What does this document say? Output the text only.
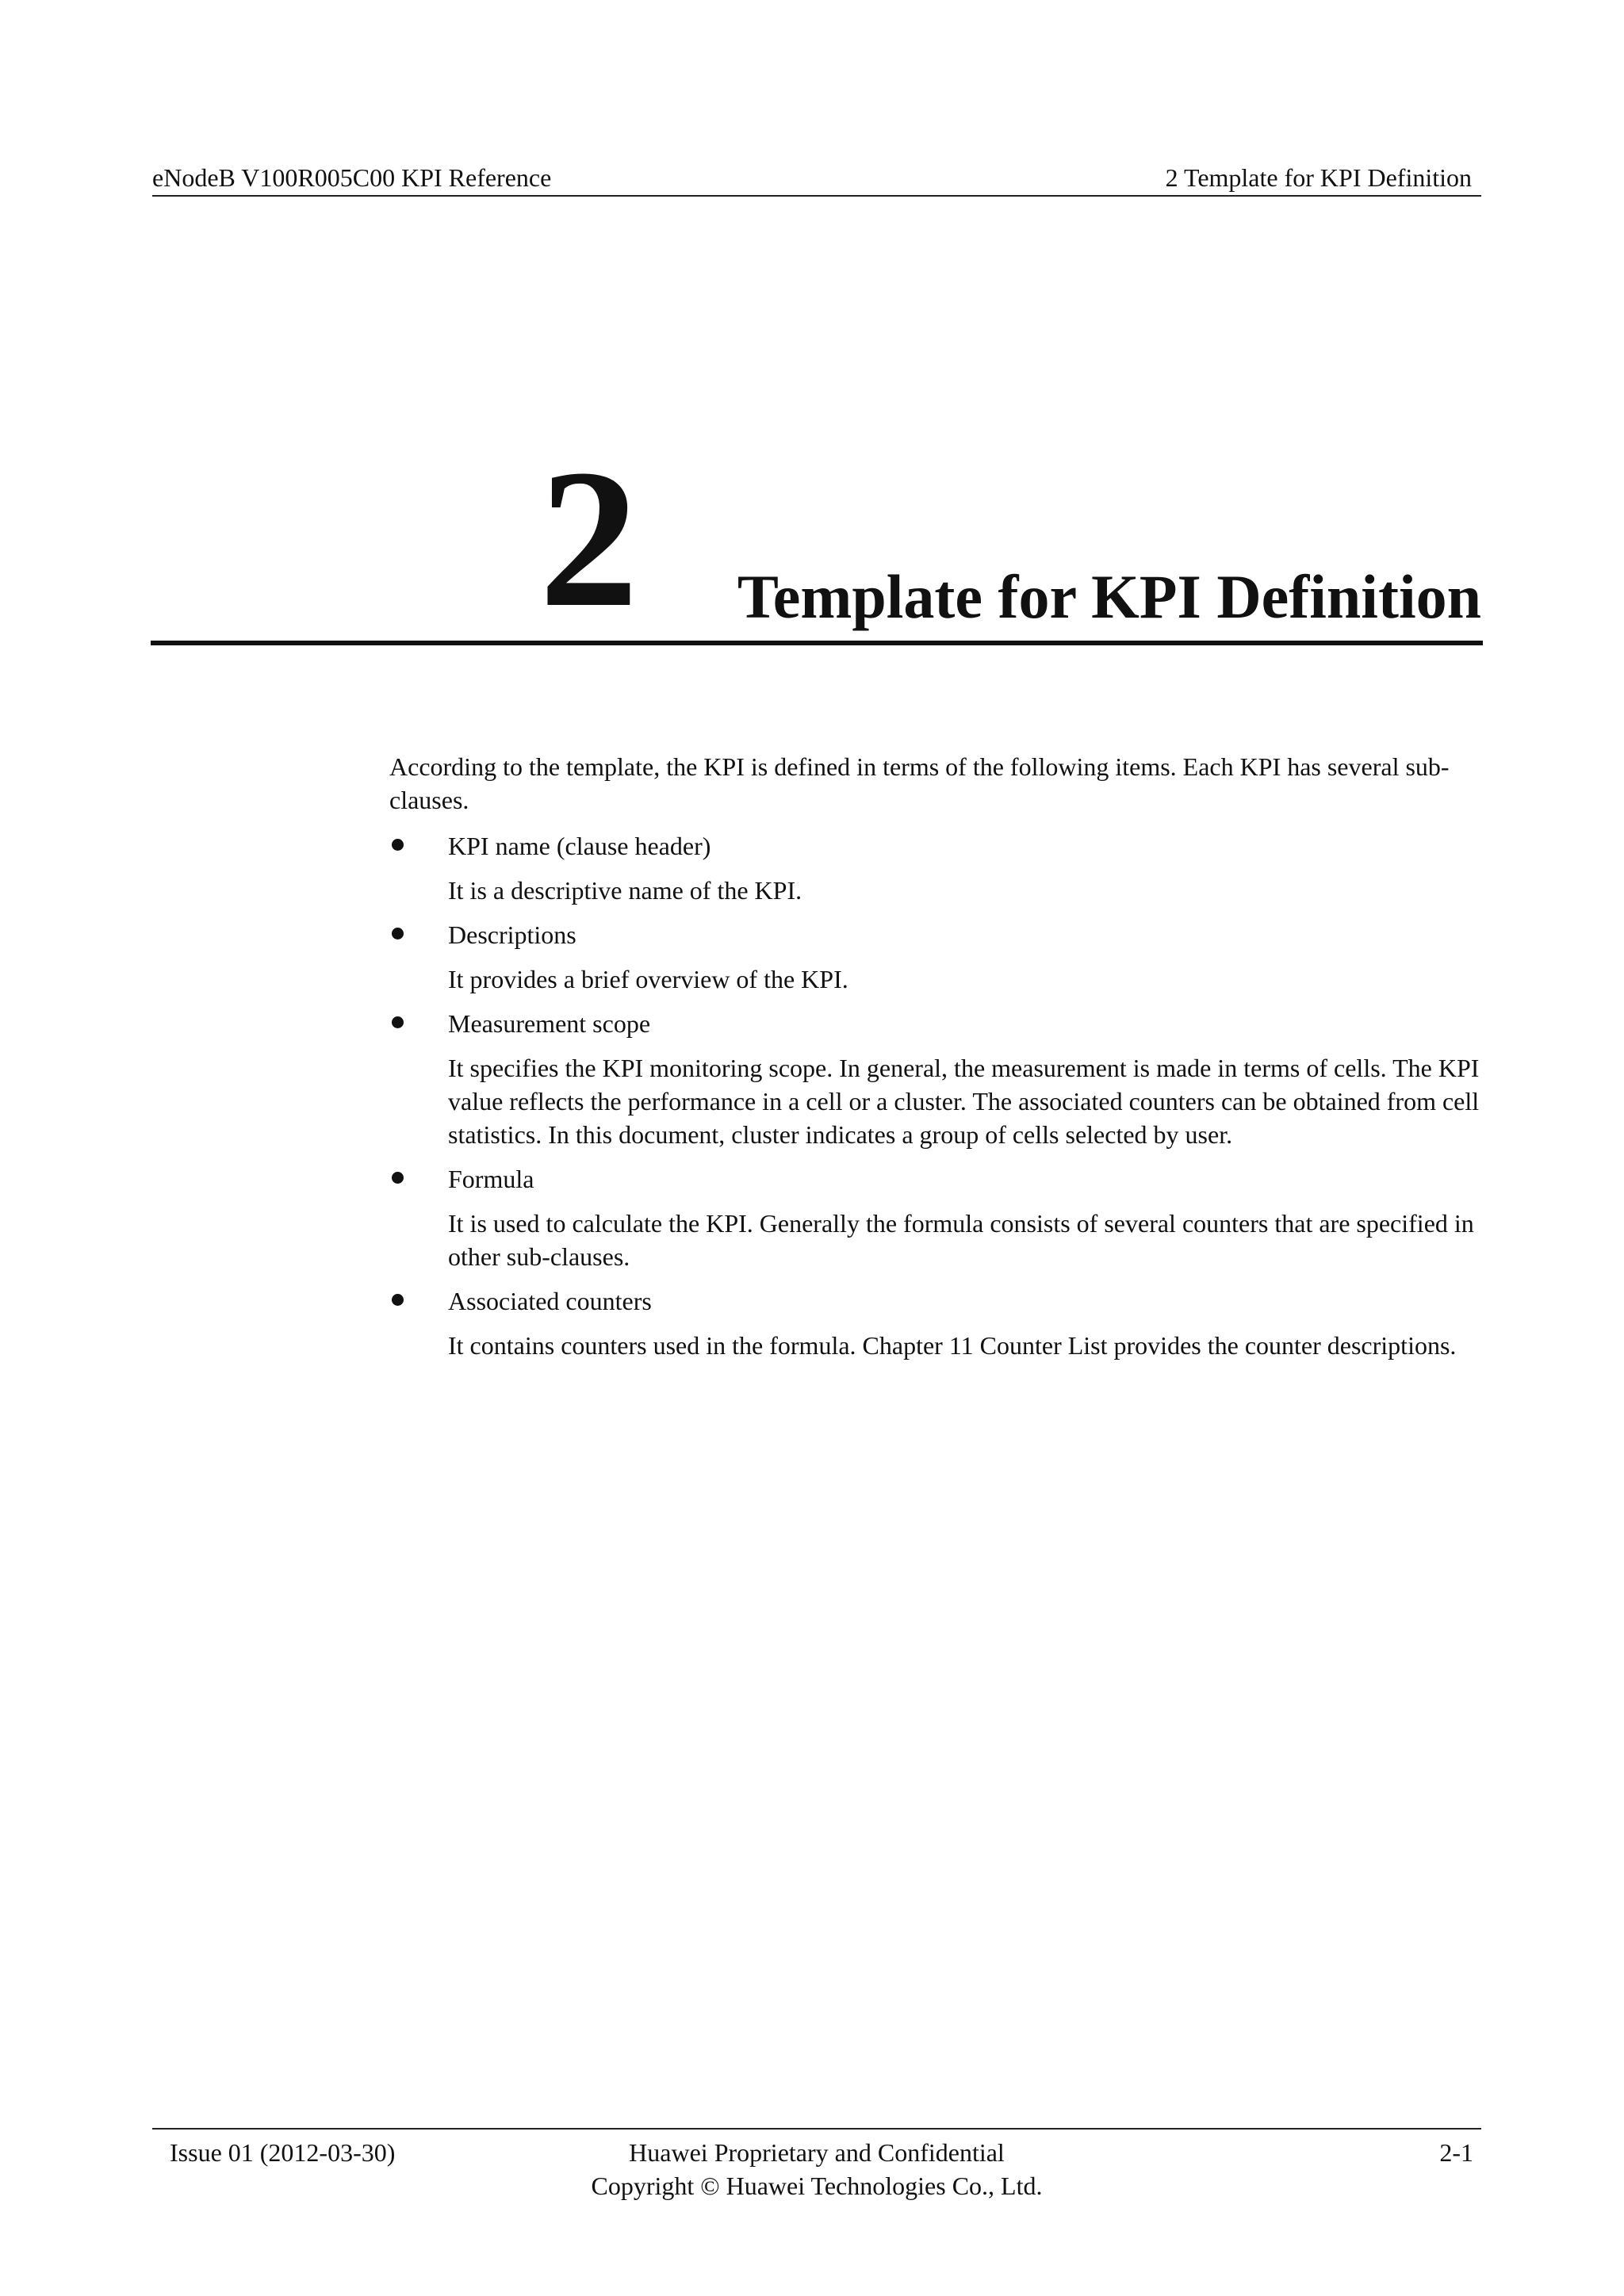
eNodeB V100R005C00 KPI Reference	2 Template for KPI Definition
2 Template for KPI Definition

According to the template, the KPI is defined in terms of the following items. Each KPI has several sub-clauses.

KPI name (clause header)

It is a descriptive name of the KPI.

Descriptions

It provides a brief overview of the KPI.

Measurement scope

It specifies the KPI monitoring scope. In general, the measurement is made in terms of cells. The KPI value reflects the performance in a cell or a cluster. The associated counters can be obtained from cell statistics. In this document, cluster indicates a group of cells selected by user.

Formula

It is used to calculate the KPI. Generally the formula consists of several counters that are specified in other sub-clauses.

Associated counters

It contains counters used in the formula. Chapter 11 Counter List provides the counter descriptions.

Issue 01 (2012-03-30)	Huawei Proprietary and Confidential
Copyright © Huawei Technologies Co., Ltd.
2-1
